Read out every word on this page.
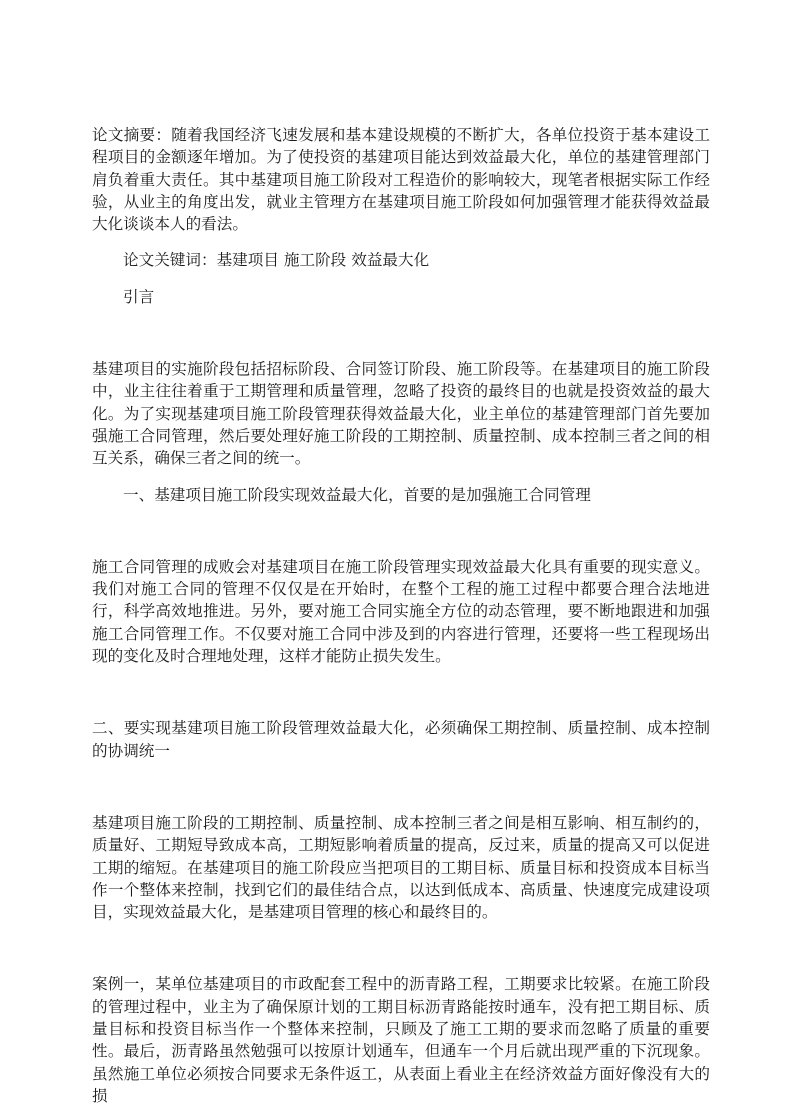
论文摘要：随着我国经济飞速发展和基本建设规模的不断扩大，各单位投资于基本建设工程项目的金额逐年增加。为了使投资的基建项目能达到效益最大化，单位的基建管理部门肩负着重大责任。其中基建项目施工阶段对工程造价的影响较大，现笔者根据实际工作经验，从业主的角度出发，就业主管理方在基建项目施工阶段如何加强管理才能获得效益最大化谈谈本人的看法。

论文关键词：基建项目 施工阶段 效益最大化

引言

基建项目的实施阶段包括招标阶段、合同签订阶段、施工阶段等。在基建项目的施工阶段中，业主往往着重于工期管理和质量管理，忽略了投资的最终目的也就是投资效益的最大化。为了实现基建项目施工阶段管理获得效益最大化，业主单位的基建管理部门首先要加强施工合同管理，然后要处理好施工阶段的工期控制、质量控制、成本控制三者之间的相互关系，确保三者之间的统一。

一、基建项目施工阶段实现效益最大化，首要的是加强施工合同管理

施工合同管理的成败会对基建项目在施工阶段管理实现效益最大化具有重要的现实意义。我们对施工合同的管理不仅仅是在开始时，在整个工程的施工过程中都要合理合法地进行，科学高效地推进。另外，要对施工合同实施全方位的动态管理，要不断地跟进和加强施工合同管理工作。不仅要对施工合同中涉及到的内容进行管理，还要将一些工程现场出现的变化及时合理地处理，这样才能防止损失发生。

二、要实现基建项目施工阶段管理效益最大化，必须确保工期控制、质量控制、成本控制的协调统一

基建项目施工阶段的工期控制、质量控制、成本控制三者之间是相互影响、相互制约的，质量好、工期短导致成本高，工期短影响着质量的提高，反过来，质量的提高又可以促进工期的缩短。在基建项目的施工阶段应当把项目的工期目标、质量目标和投资成本目标当作一个整体来控制，找到它们的最佳结合点，以达到低成本、高质量、快速度完成建设项目，实现效益最大化，是基建项目管理的核心和最终目的。

案例一，某单位基建项目的市政配套工程中的沥青路工程，工期要求比较紧。在施工阶段的管理过程中，业主为了确保原计划的工期目标沥青路能按时通车，没有把工期目标、质量目标和投资目标当作一个整体来控制，只顾及了施工工期的要求而忽略了质量的重要性。最后，沥青路虽然勉强可以按原计划通车，但通车一个月后就出现严重的下沉现象。虽然施工单位必须按合同要求无条件返工，从表面上看业主在经济效益方面好像没有大的损
